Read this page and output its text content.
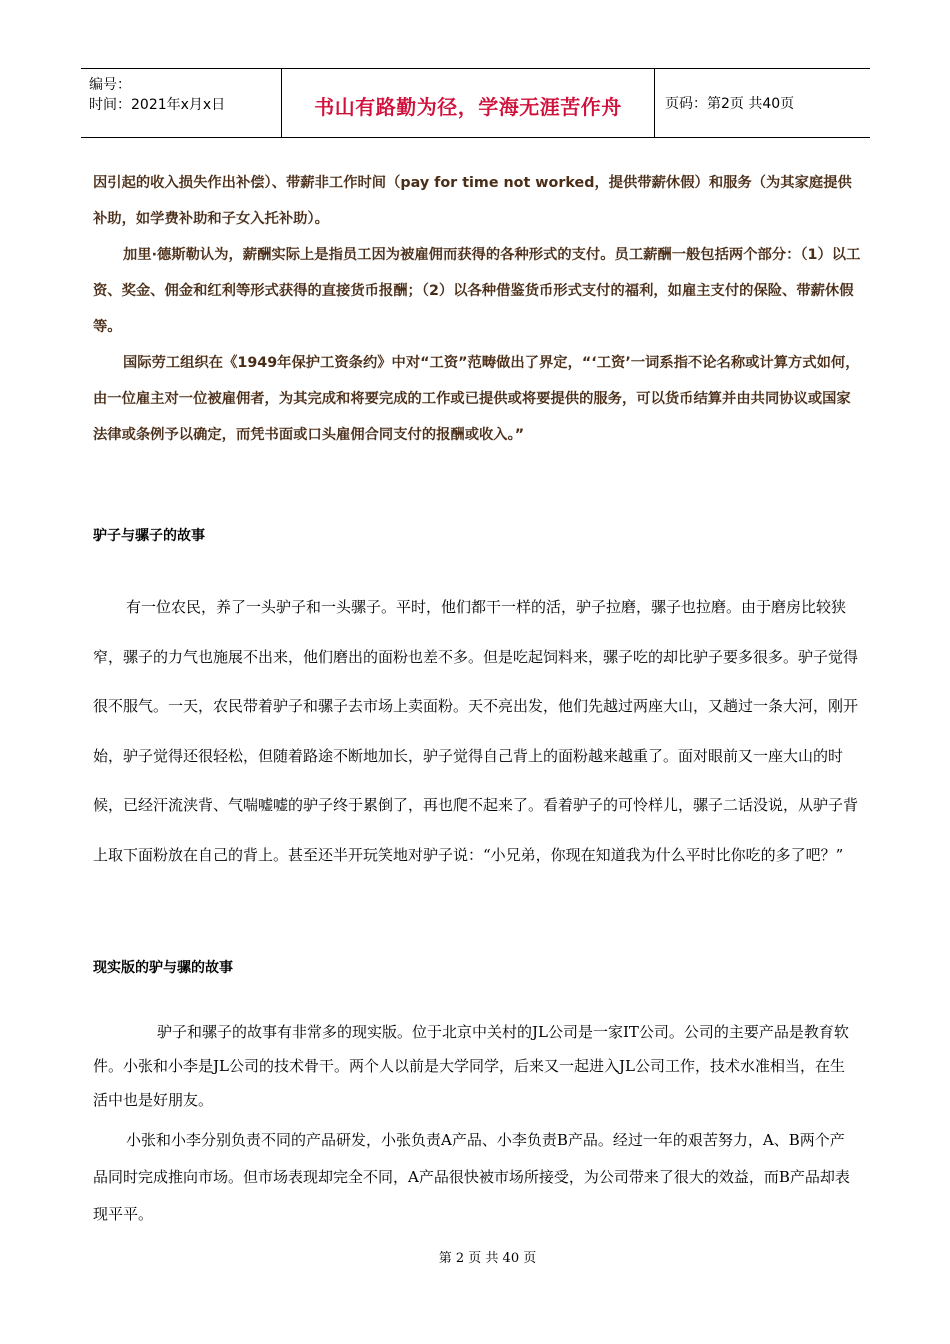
编号：
时间：2021年x月x日	书山有路勤为径，学海无涯苦作舟	页码：第2页 共40页

因引起的收入损失作出补偿）、带薪非工作时间（pay for time not worked，提供带薪休假）和服务（为其家庭提供补助，如学费补助和子女入托补助）。

加里·德斯勒认为，薪酬实际上是指员工因为被雇佣而获得的各种形式的支付。员工薪酬一般包括两个部分：（1）以工资、奖金、佣金和红利等形式获得的直接货币报酬；（2）以各种借鉴货币形式支付的福利，如雇主支付的保险、带薪休假等。

国际劳工组织在《1949年保护工资条约》中对“工资”范畴做出了界定，“‘工资’一词系指不论名称或计算方式如何，由一位雇主对一位被雇佣者，为其完成和将要完成的工作或已提供或将要提供的服务，可以货币结算并由共同协议或国家法律或条例予以确定，而凭书面或口头雇佣合同支付的报酬或收入。”

驴子与骡子的故事

有一位农民，养了一头驴子和一头骡子。平时，他们都干一样的活，驴子拉磨，骡子也拉磨。由于磨房比较狭窄，骡子的力气也施展不出来，他们磨出的面粉也差不多。但是吃起饲料来，骡子吃的却比驴子要多很多。驴子觉得很不服气。一天，农民带着驴子和骡子去市场上卖面粉。天不亮出发，他们先越过两座大山，又趟过一条大河，刚开始，驴子觉得还很轻松，但随着路途不断地加长，驴子觉得自己背上的面粉越来越重了。面对眼前又一座大山的时候，已经汗流浃背、气喘嘘嘘的驴子终于累倒了，再也爬不起来了。看着驴子的可怜样儿，骡子二话没说，从驴子背上取下面粉放在自己的背上。甚至还半开玩笑地对驴子说：“小兄弟，你现在知道我为什么平时比你吃的多了吧？”

现实版的驴与骡的故事

驴子和骡子的故事有非常多的现实版。位于北京中关村的JL公司是一家IT公司。公司的主要产品是教育软件。小张和小李是JL公司的技术骨干。两个人以前是大学同学，后来又一起进入JL公司工作，技术水准相当，在生活中也是好朋友。

小张和小李分别负责不同的产品研发，小张负责A产品、小李负责B产品。经过一年的艰苦努力，A、B两个产品同时完成推向市场。但市场表现却完全不同，A产品很快被市场所接受，为公司带来了很大的效益，而B产品却表现平平。

第 2 页 共 40 页
